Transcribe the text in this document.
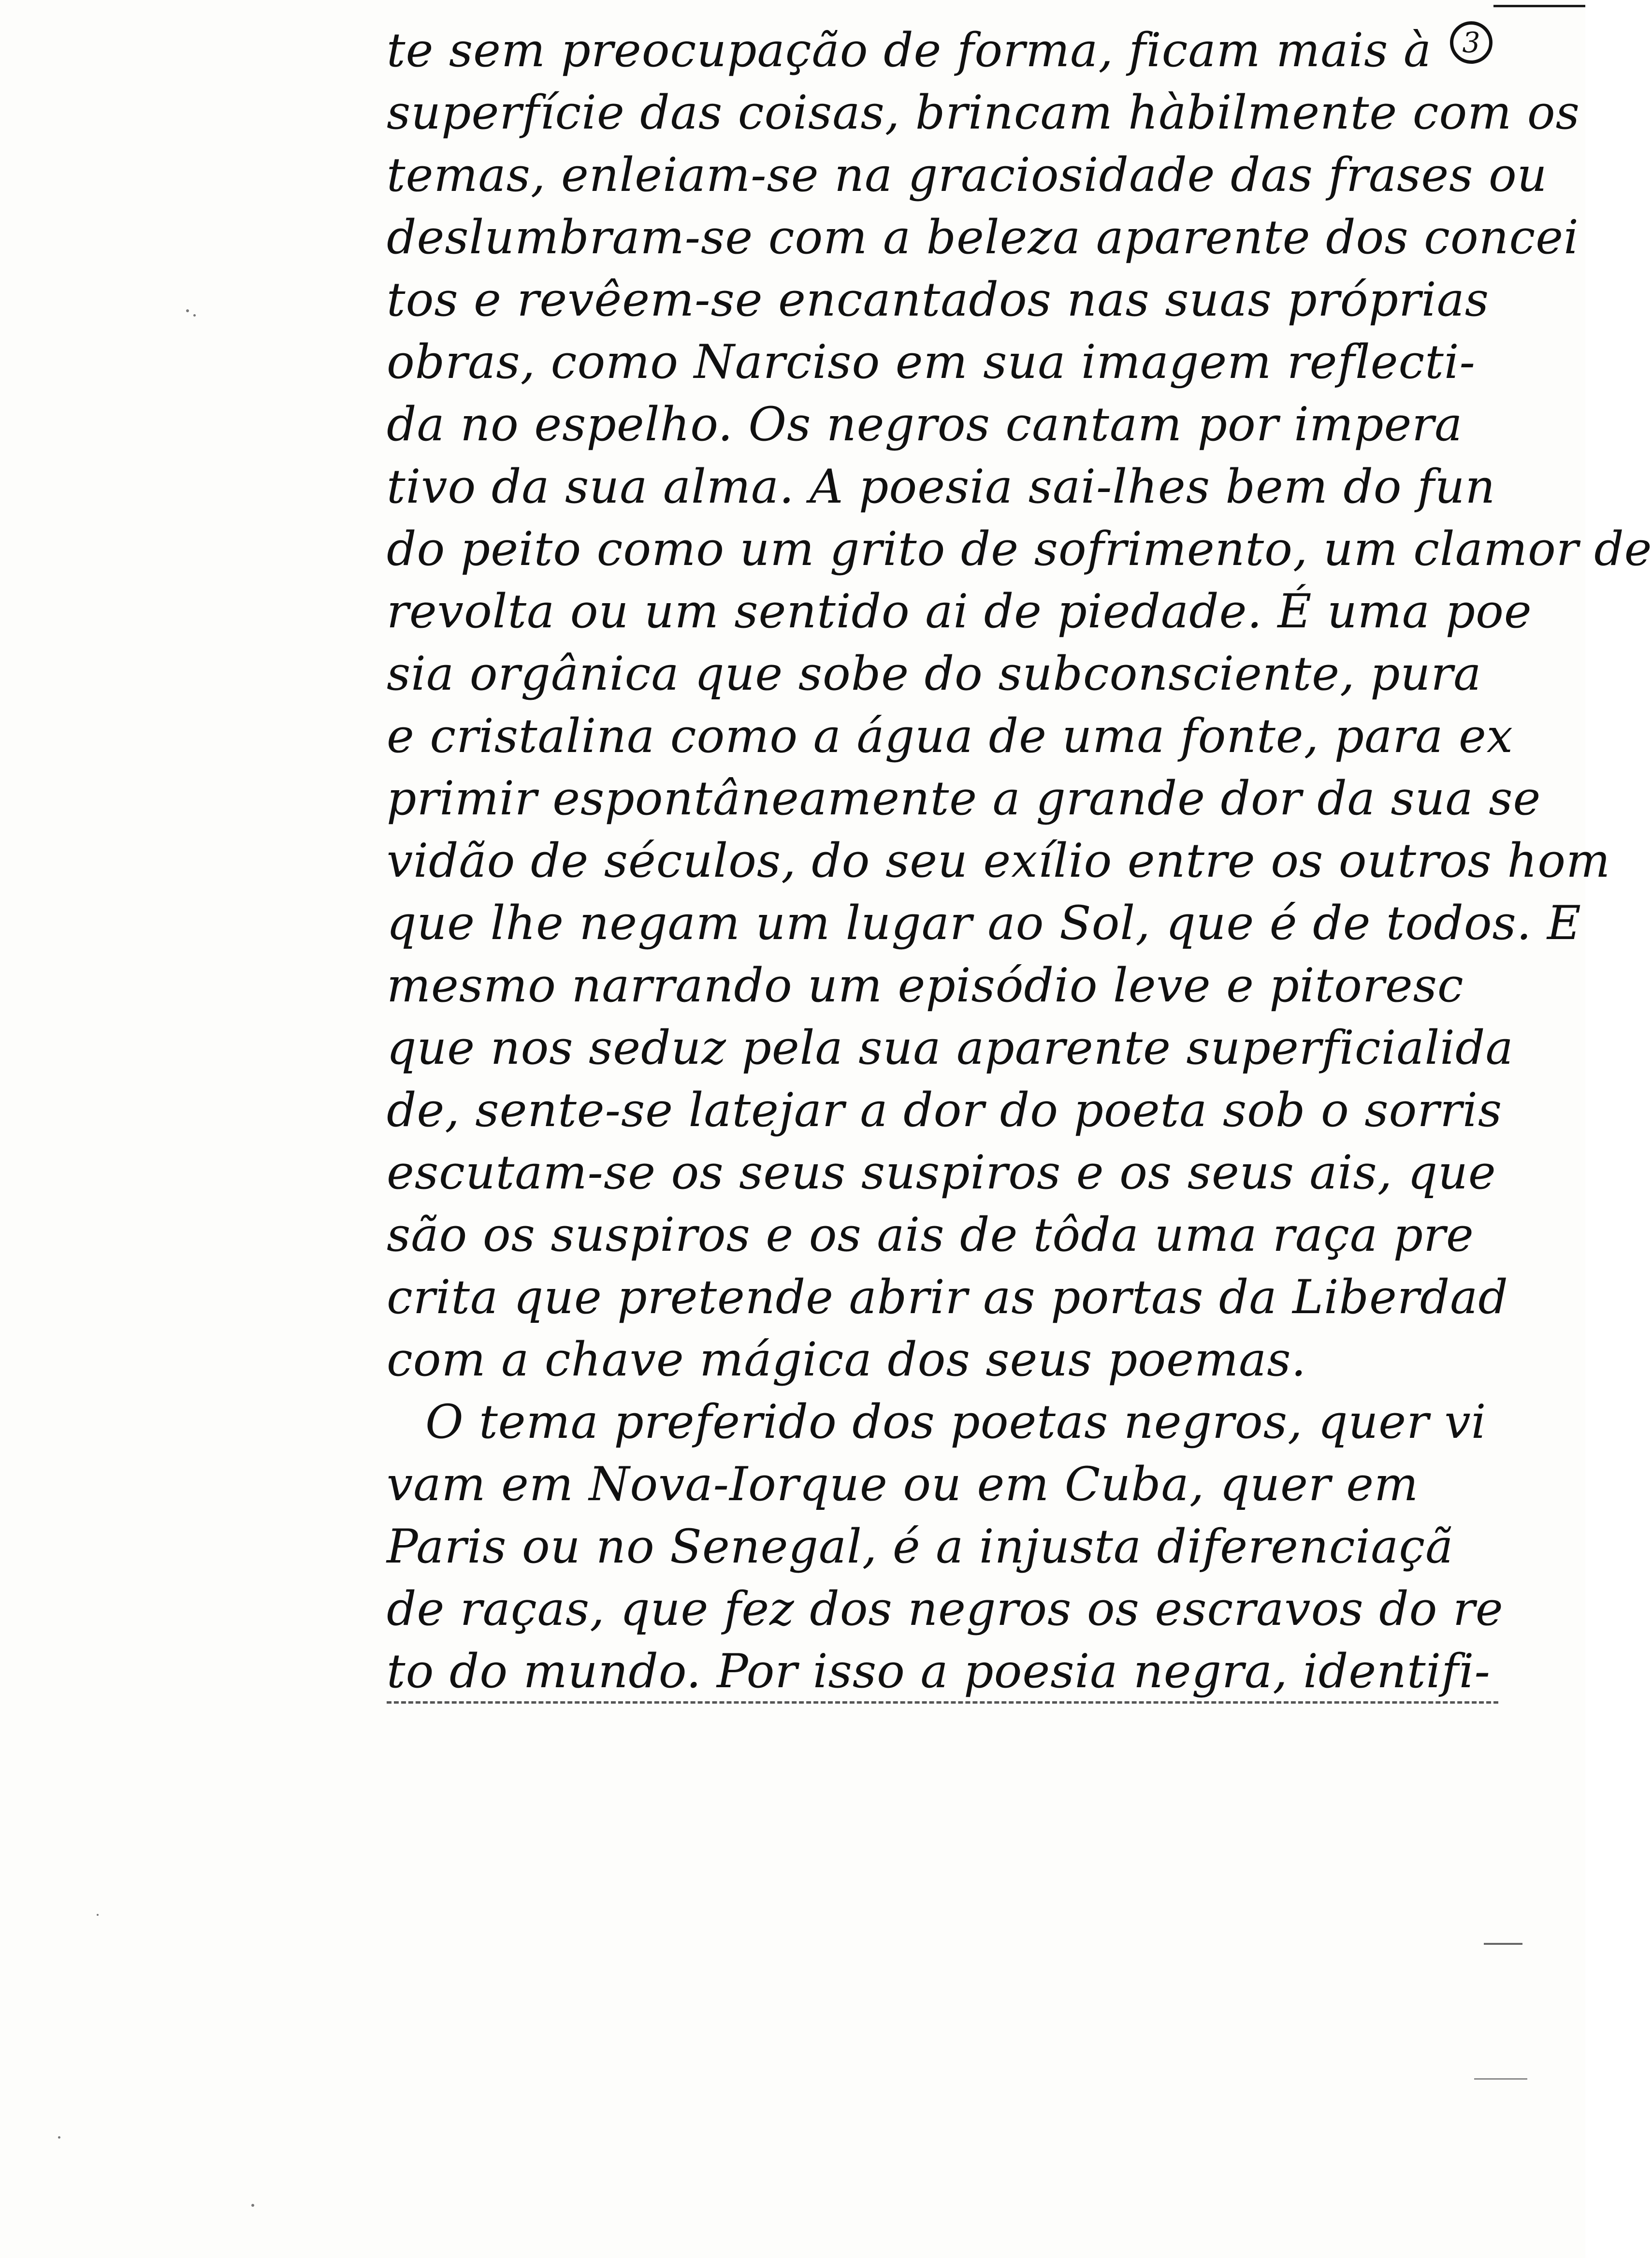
3
te sem preocupação de forma, ficam mais à
superfície das coisas, brincam hàbilmente com os
temas, enleiam-se na graciosidade das frases ou
deslumbram-se com a beleza aparente dos concei
tos e revêem-se encantados nas suas próprias
obras, como Narciso em sua imagem reflecti-
da no espelho. Os negros cantam por impera
tivo da sua alma. A poesia sai-lhes bem do fun
do peito como um grito de sofrimento, um clamor de
revolta ou um sentido ai de piedade. É uma poe
sia orgânica que sobe do subconsciente, pura
e cristalina como a água de uma fonte, para ex
primir espontâneamente a grande dor da sua se
vidão de séculos, do seu exílio entre os outros hom
que lhe negam um lugar ao Sol, que é de todos. E
mesmo narrando um episódio leve e pitoresc
que nos seduz pela sua aparente superficialida
de, sente-se latejar a dor do poeta sob o sorris
escutam-se os seus suspiros e os seus ais, que
são os suspiros e os ais de tôda uma raça pre
crita que pretende abrir as portas da Liberdad
com a chave mágica dos seus poemas.
O tema preferido dos poetas negros, quer vi
vam em Nova-Iorque ou em Cuba, quer em
Paris ou no Senegal, é a injusta diferenciaçã
de raças, que fez dos negros os escravos do re
to do mundo. Por isso a poesia negra, identifi-
